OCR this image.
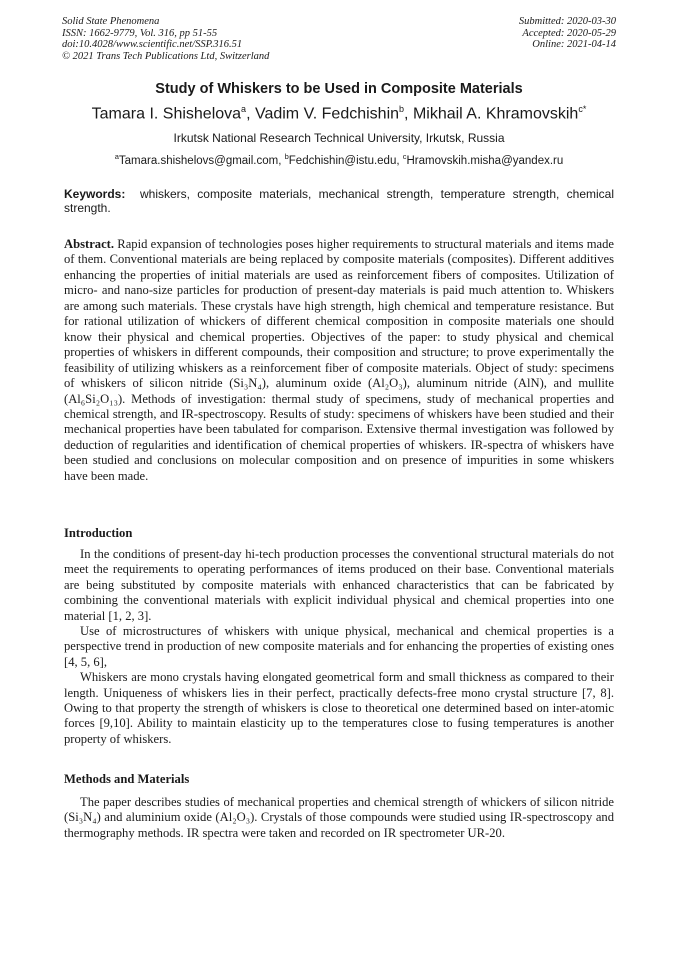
Solid State Phenomena
ISSN: 1662-9779, Vol. 316, pp 51-55
doi:10.4028/www.scientific.net/SSP.316.51
© 2021 Trans Tech Publications Ltd, Switzerland
Submitted: 2020-03-30
Accepted: 2020-05-29
Online: 2021-04-14
Study of Whiskers to be Used in Composite Materials
Tamara I. Shishelova$^a$, Vadim V. Fedchishin$^b$, Mikhail A. Khramovskih$^{c*}$
Irkutsk National Research Technical University, Irkutsk, Russia
$^a$Tamara.shishelovs@gmail.com, $^b$Fedchishin@istu.edu, $^c$Hramovskih.misha@yandex.ru
Keywords: whiskers, composite materials, mechanical strength, temperature strength, chemical strength.
Abstract. Rapid expansion of technologies poses higher requirements to structural materials and items made of them. Conventional materials are being replaced by composite materials (composites). Different additives enhancing the properties of initial materials are used as reinforcement fibers of composites. Utilization of micro- and nano-size particles for production of present-day materials is paid much attention to. Whiskers are among such materials. These crystals have high strength, high chemical and temperature resistance. But for rational utilization of whickers of different chemical composition in composite materials one should know their physical and chemical properties. Objectives of the paper: to study physical and chemical properties of whiskers in different compounds, their composition and structure; to prove experimentally the feasibility of utilizing whiskers as a reinforcement fiber of composite materials. Object of study: specimens of whiskers of silicon nitride (Si₃N₄), aluminum oxide (Al₂O₃), aluminum nitride (AlN), and mullite (Al₆Si₂O₁₃). Methods of investigation: thermal study of specimens, study of mechanical properties and chemical strength, and IR-spectroscopy. Results of study: specimens of whiskers have been studied and their mechanical properties have been tabulated for comparison. Extensive thermal investigation was followed by deduction of regularities and identification of chemical properties of whiskers. IR-spectra of whiskers have been studied and conclusions on molecular composition and on presence of impurities in some whiskers have been made.
Introduction

In the conditions of present-day hi-tech production processes the conventional structural materials do not meet the requirements to operating performances of items produced on their base. Conventional materials are being substituted by composite materials with enhanced characteristics that can be fabricated by combining the conventional materials with explicit individual physical and chemical properties into one material [1, 2, 3].

Use of microstructures of whiskers with unique physical, mechanical and chemical properties is a perspective trend in production of new composite materials and for enhancing the properties of existing ones [4, 5, 6],

Whiskers are mono crystals having elongated geometrical form and small thickness as compared to their length. Uniqueness of whiskers lies in their perfect, practically defects-free mono crystal structure [7, 8]. Owing to that property the strength of whiskers is close to theoretical one determined based on inter-atomic forces [9,10]. Ability to maintain elasticity up to the temperatures close to fusing temperatures is another property of whiskers.

Methods and Materials

The paper describes studies of mechanical properties and chemical strength of whickers of silicon nitride (Si₃N₄) and aluminium oxide (Al₂O₃). Crystals of those compounds were studied using IR-spectroscopy and thermography methods. IR spectra were taken and recorded on IR spectrometer UR-20.
